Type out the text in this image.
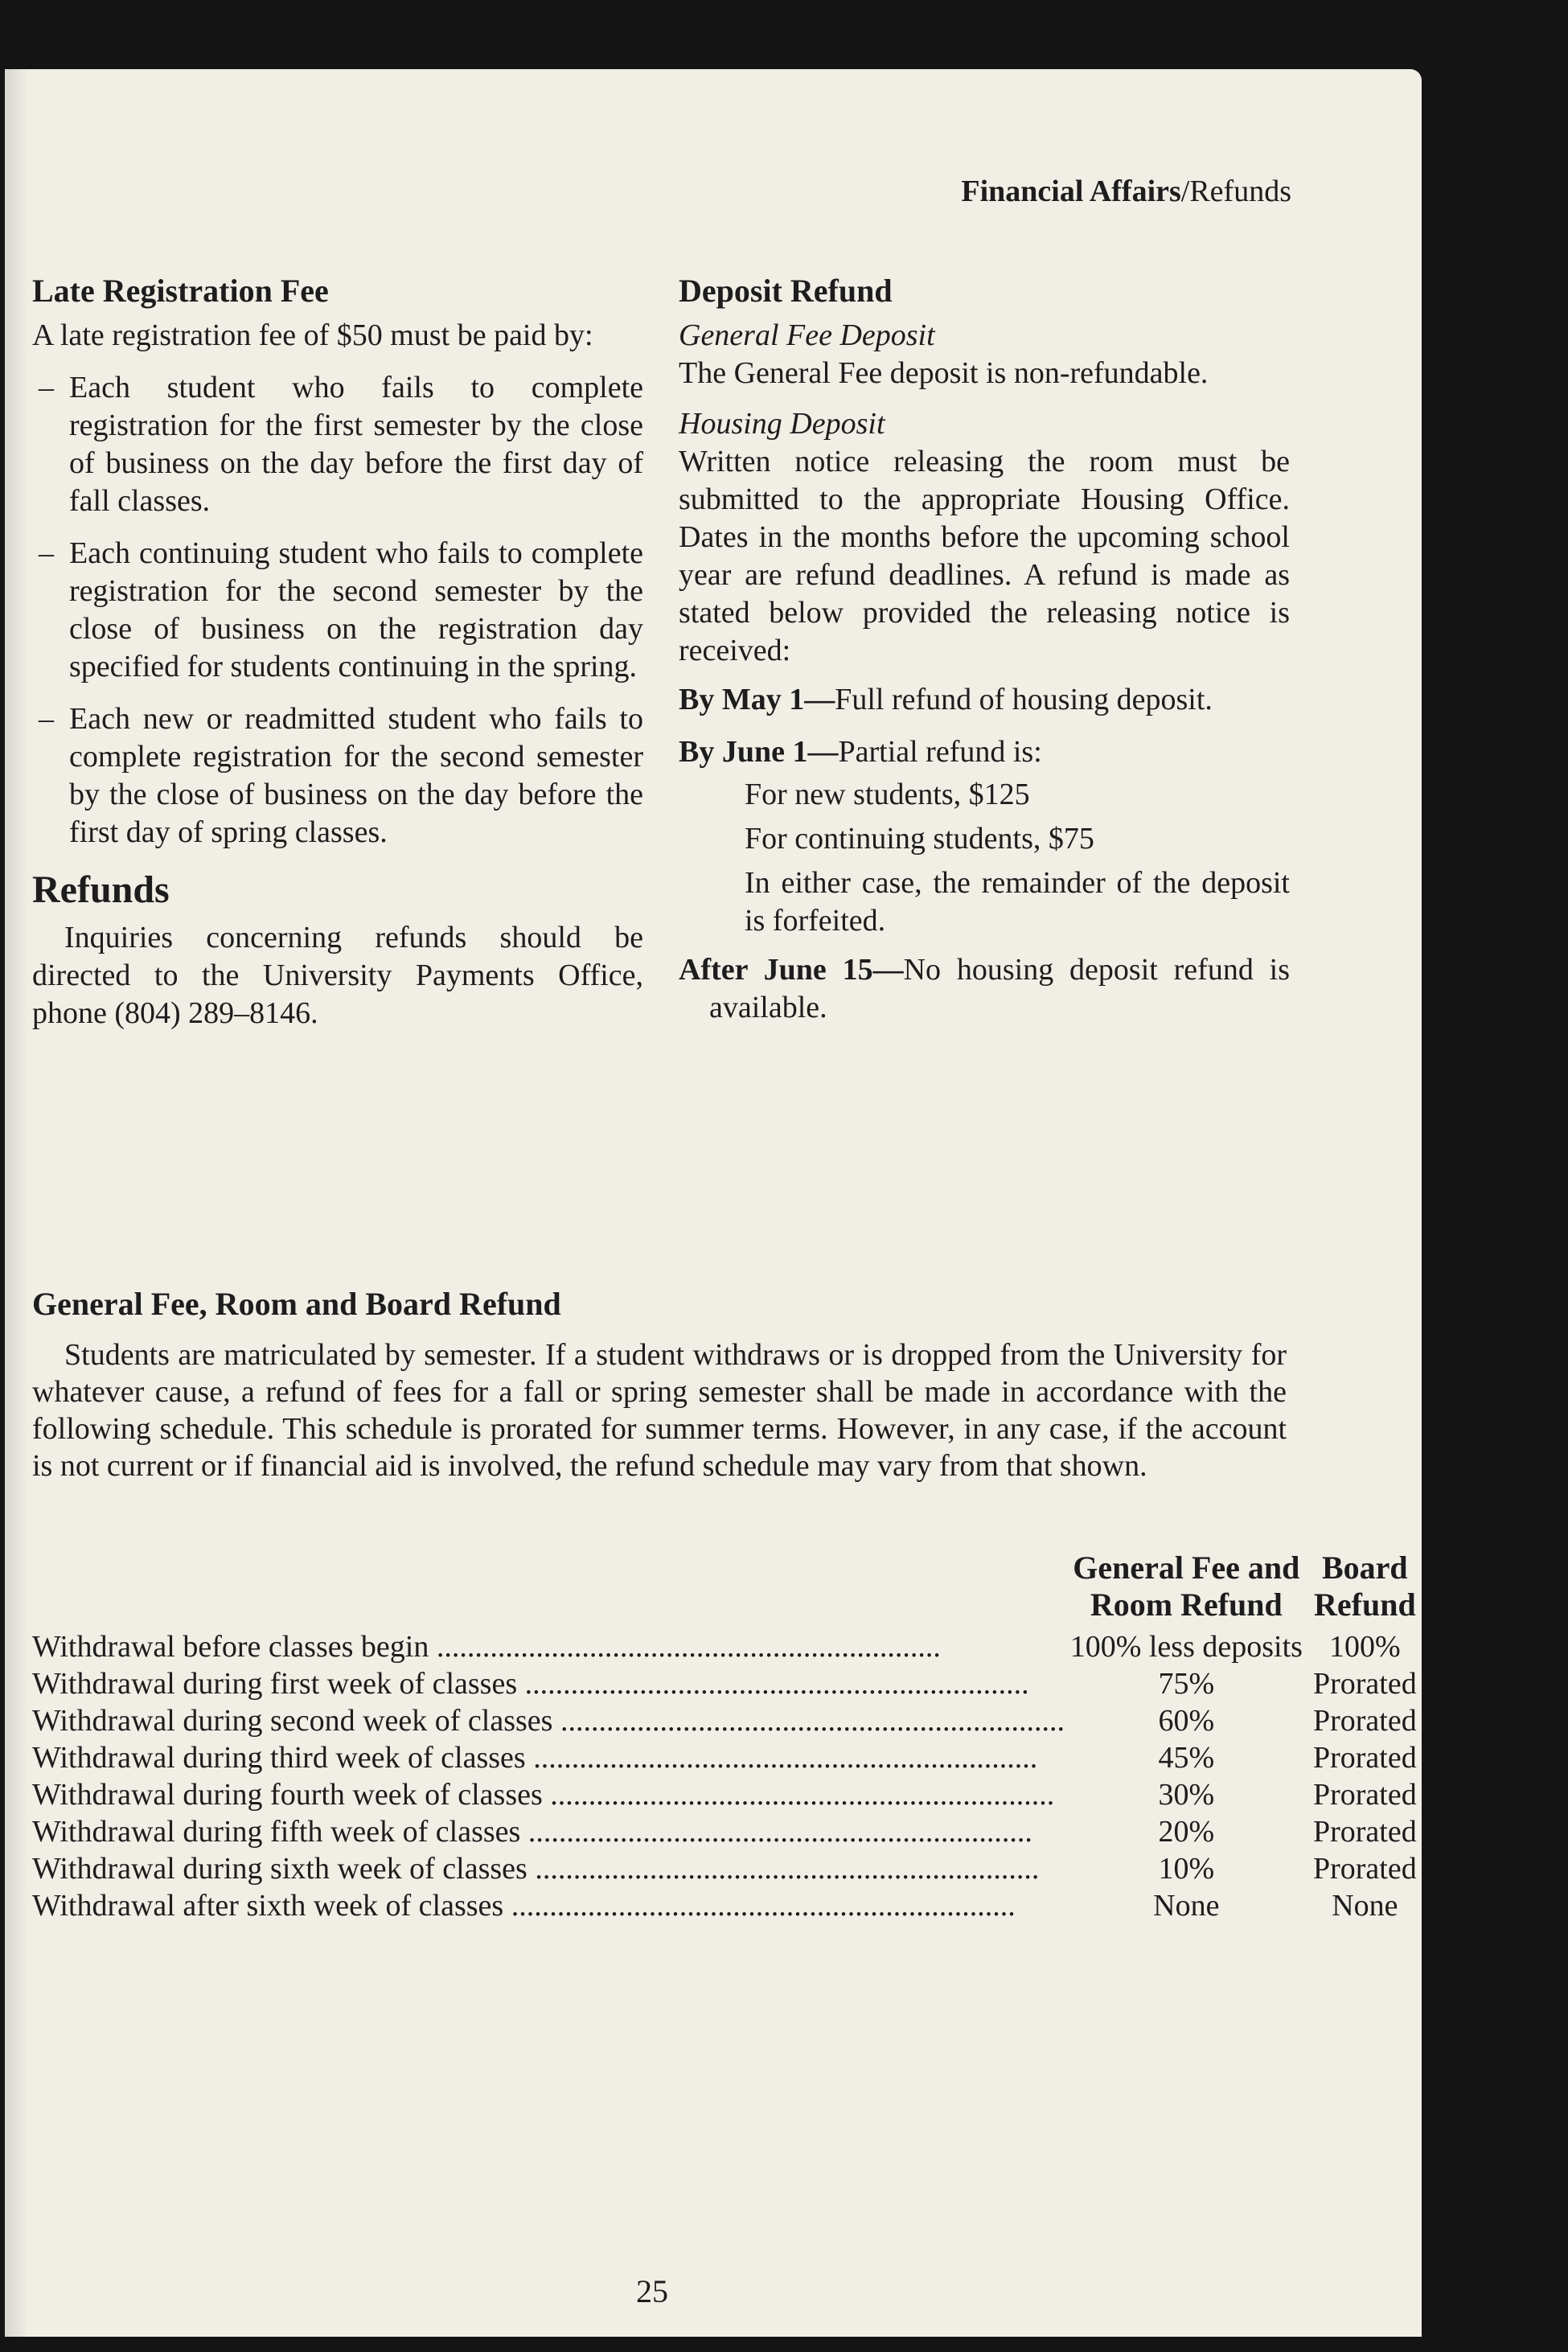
Financial Affairs/Refunds
Late Registration Fee

A late registration fee of $50 must be paid by:

– Each student who fails to complete registration for the first semester by the close of business on the day before the first day of fall classes.
– Each continuing student who fails to complete registration for the second semester by the close of business on the registration day specified for students continuing in the spring.
– Each new or readmitted student who fails to complete registration for the second semester by the close of business on the day before the first day of spring classes.
Refunds

Inquiries concerning refunds should be directed to the University Payments Office, phone (804) 289–8146.

Deposit Refund

General Fee Deposit

The General Fee deposit is non-refundable.

Housing Deposit

Written notice releasing the room must be submitted to the appropriate Housing Office. Dates in the months before the upcoming school year are refund deadlines. A refund is made as stated below provided the releasing notice is received:

By May 1—Full refund of housing deposit.

By June 1—Partial refund is:

For new students, $125

For continuing students, $75

In either case, the remainder of the deposit is forfeited.

After June 15—No housing deposit refund is available.

General Fee, Room and Board Refund

Students are matriculated by semester. If a student withdraws or is dropped from the University for whatever cause, a refund of fees for a fall or spring semester shall be made in accordance with the following schedule. This schedule is prorated for summer terms. However, in any case, if the account is not current or if financial aid is involved, the refund schedule may vary from that shown.

	General Fee and
Room Refund	Board
Refund
Withdrawal before classes begin ..................................................................	100% less deposits	100%
Withdrawal during first week of classes ..................................................................	75%	Prorated
Withdrawal during second week of classes ..................................................................	60%	Prorated
Withdrawal during third week of classes ..................................................................	45%	Prorated
Withdrawal during fourth week of classes ..................................................................	30%	Prorated
Withdrawal during fifth week of classes ..................................................................	20%	Prorated
Withdrawal during sixth week of classes ..................................................................	10%	Prorated
Withdrawal after sixth week of classes ..................................................................	None	None
25
